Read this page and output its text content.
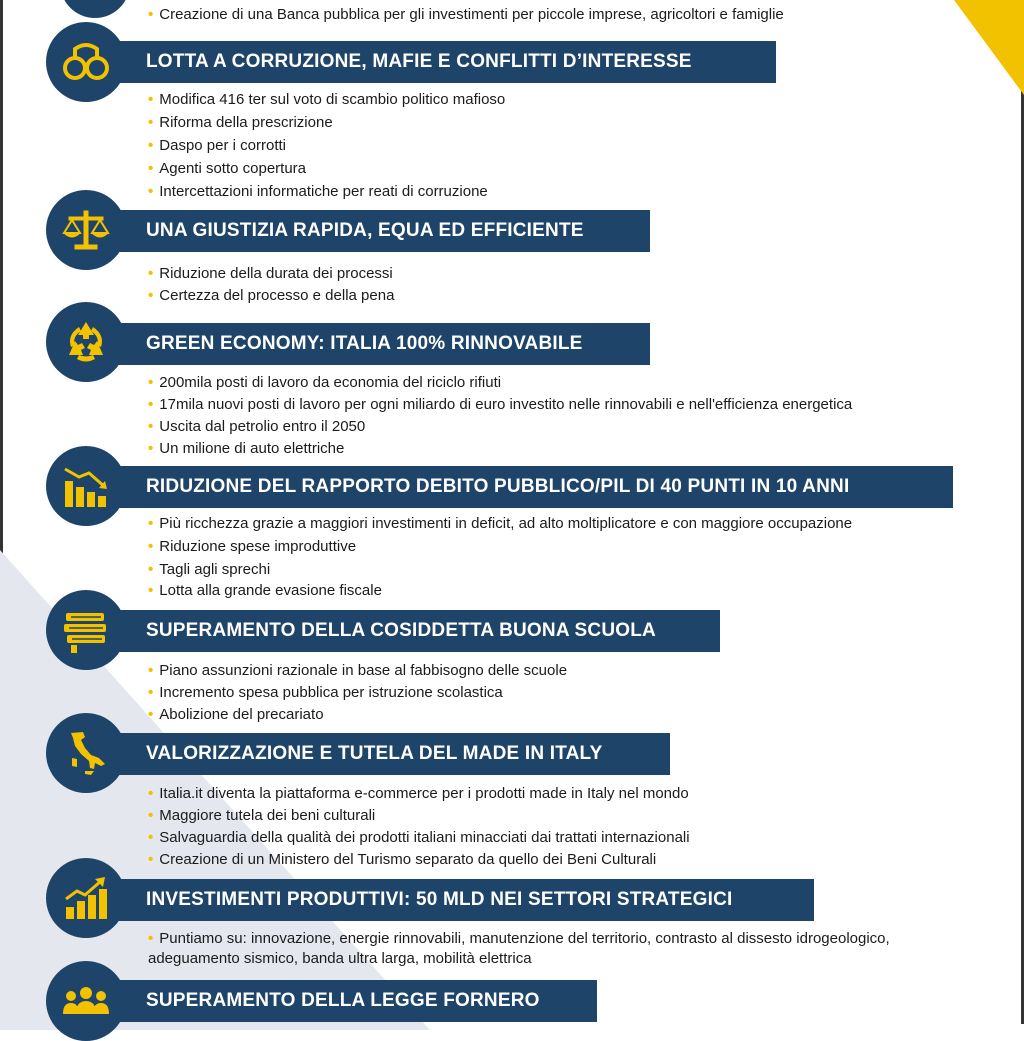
• Creazione di una Banca pubblica per gli investimenti per piccole imprese, agricoltori e famiglie
LOTTA A CORRUZIONE, MAFIE E CONFLITTI D’INTERESSE
• Modifica 416 ter sul voto di scambio politico mafioso
• Riforma della prescrizione
• Daspo per i corrotti
• Agenti sotto copertura
• Intercettazioni informatiche per reati di corruzione
UNA GIUSTIZIA RAPIDA, EQUA ED EFFICIENTE
• Riduzione della durata dei processi
• Certezza del processo e della pena
GREEN ECONOMY: ITALIA 100% RINNOVABILE
• 200mila posti di lavoro da economia del riciclo rifiuti
• 17mila nuovi posti di lavoro per ogni miliardo di euro investito nelle rinnovabili e nell'efficienza energetica
• Uscita dal petrolio entro il 2050
• Un milione di auto elettriche
RIDUZIONE DEL RAPPORTO DEBITO PUBBLICO/PIL DI 40 PUNTI IN 10 ANNI
• Più ricchezza grazie a maggiori investimenti in deficit, ad alto moltiplicatore e con maggiore occupazione
• Riduzione spese improduttive
• Tagli agli sprechi
• Lotta alla grande evasione fiscale
SUPERAMENTO DELLA COSIDDETTA BUONA SCUOLA
• Piano assunzioni razionale in base al fabbisogno delle scuole
• Incremento spesa pubblica per istruzione scolastica
• Abolizione del precariato
VALORIZZAZIONE E TUTELA DEL MADE IN ITALY
• Italia.it diventa la piattaforma e-commerce per i prodotti made in Italy nel mondo
• Maggiore tutela dei beni culturali
• Salvaguardia della qualità dei prodotti italiani minacciati dai trattati internazionali
• Creazione di un Ministero del Turismo separato da quello dei Beni Culturali
INVESTIMENTI PRODUTTIVI: 50 MLD NEI SETTORI STRATEGICI
• Puntiamo su: innovazione, energie rinnovabili, manutenzione del territorio, contrasto al dissesto idrogeologico, adeguamento sismico, banda ultra larga, mobilità elettrica
SUPERAMENTO DELLA LEGGE FORNERO
